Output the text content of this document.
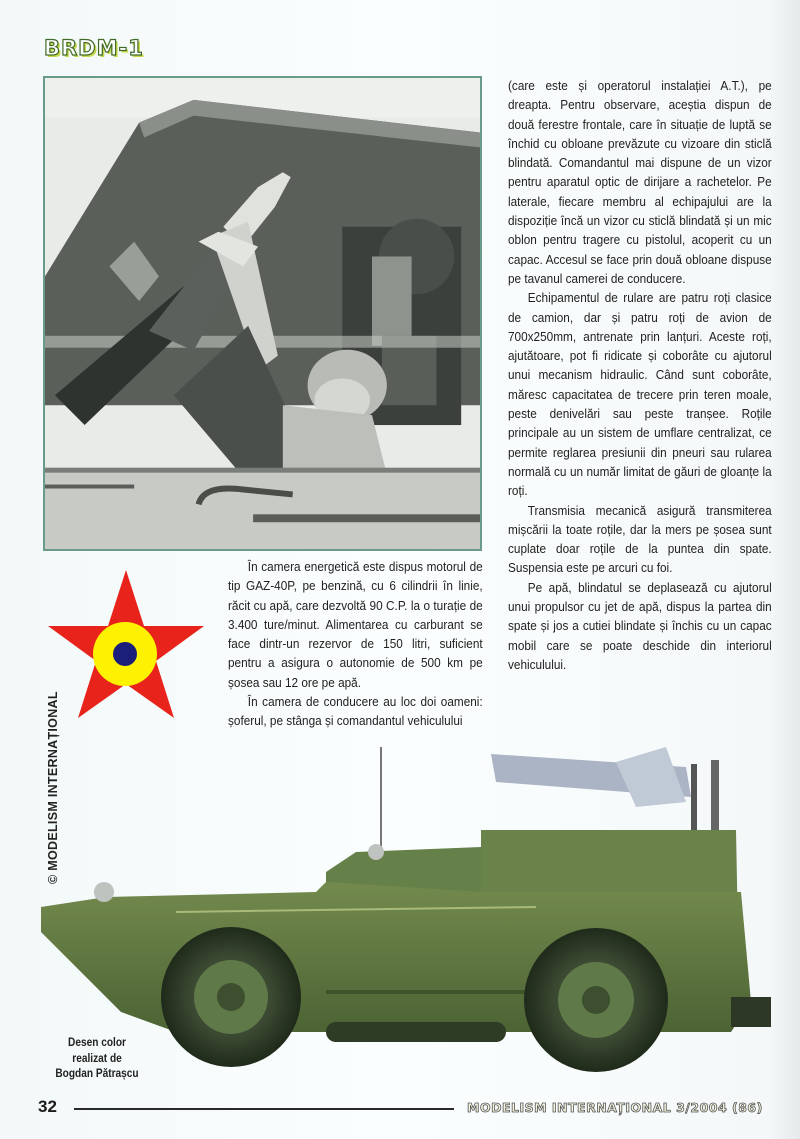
BRDM-1

(care este și operatorul instalației A.T.), pe dreapta. Pentru observare, aceștia dispun de două ferestre frontale, care în situație de luptă se închid cu obloane prevăzute cu vizoare din sticlă blindată. Comandantul mai dispune de un vizor pentru aparatul optic de dirijare a rachetelor. Pe laterale, fiecare membru al echipajului are la dispoziție încă un vizor cu sticlă blindată și un mic oblon pentru tragere cu pistolul, acoperit cu un capac. Accesul se face prin două obloane dispuse pe tavanul camerei de conducere.

Echipamentul de rulare are patru roți clasice de camion, dar și patru roți de avion de 700x250mm, antrenate prin lanțuri. Aceste roți, ajutătoare, pot fi ridicate și coborâte cu ajutorul unui mecanism hidraulic. Când sunt coborâte, măresc capacitatea de trecere prin teren moale, peste denivelări sau peste tranșee. Roțile principale au un sistem de umflare centralizat, ce permite reglarea presiunii din pneuri sau rularea normală cu un număr limitat de găuri de gloanțe la roți.

Transmisia mecanică asigură transmiterea mișcării la toate roțile, dar la mers pe șosea sunt cuplate doar roțile de la puntea din spate. Suspensia este pe arcuri cu foi.

Pe apă, blindatul se deplasează cu ajutorul unui propulsor cu jet de apă, dispus la partea din spate și jos a cutiei blindate și închis cu un capac mobil care se poate deschide din interiorul vehiculului.

În camera energetică este dispus motorul de tip GAZ-40P, pe benzină, cu 6 cilindrii în linie, răcit cu apă, care dezvoltă 90 C.P. la o turație de 3.400 ture/minut. Alimentarea cu carburant se face dintr-un rezervor de 150 litri, suficient pentru a asigura o autonomie de 500 km pe șosea sau 12 ore pe apă.

În camera de conducere au loc doi oameni: șoferul, pe stânga și comandantul vehiculului

© MODELISM INTERNAȚIONAL
Desen color
realizat de
Bogdan Pătrașcu
32	MODELISM INTERNAȚIONAL 3/2004 (86)
